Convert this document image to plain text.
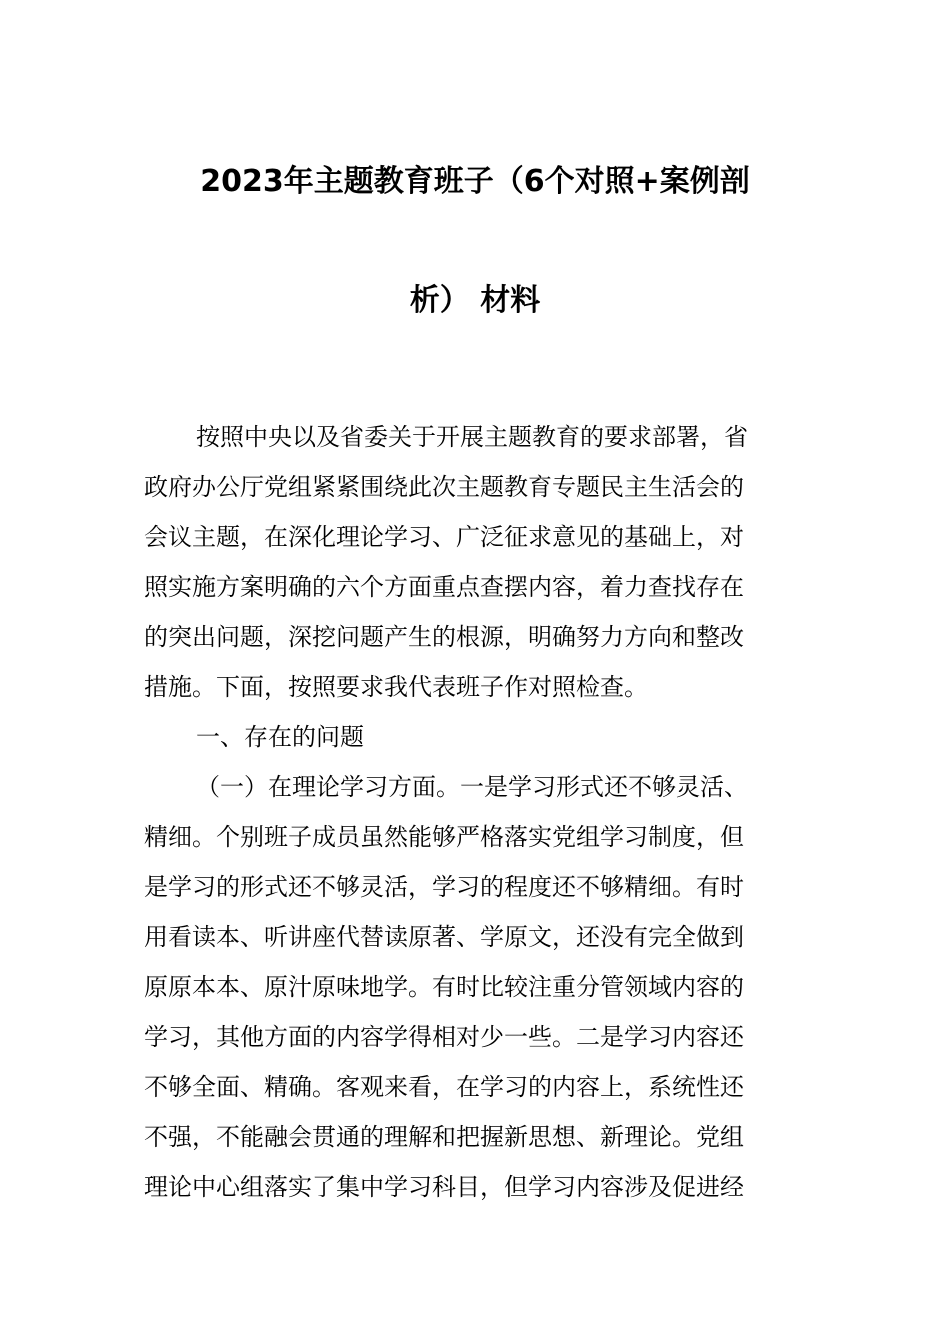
2023年主题教育班子（6个对照+案例剖
析） 材料
按照中央以及省委关于开展主题教育的要求部署，省
政府办公厅党组紧紧围绕此次主题教育专题民主生活会的
会议主题，在深化理论学习、广泛征求意见的基础上，对
照实施方案明确的六个方面重点查摆内容，着力查找存在
的突出问题，深挖问题产生的根源，明确努力方向和整改
措施。下面，按照要求我代表班子作对照检查。
一、存在的问题
（一）在理论学习方面。一是学习形式还不够灵活、
精细。个别班子成员虽然能够严格落实党组学习制度，但
是学习的形式还不够灵活，学习的程度还不够精细。有时
用看读本、听讲座代替读原著、学原文，还没有完全做到
原原本本、原汁原味地学。有时比较注重分管领域内容的
学习，其他方面的内容学得相对少一些。二是学习内容还
不够全面、精确。客观来看，在学习的内容上，系统性还
不强，不能融会贯通的理解和把握新思想、新理论。党组
理论中心组落实了集中学习科目，但学习内容涉及促进经
